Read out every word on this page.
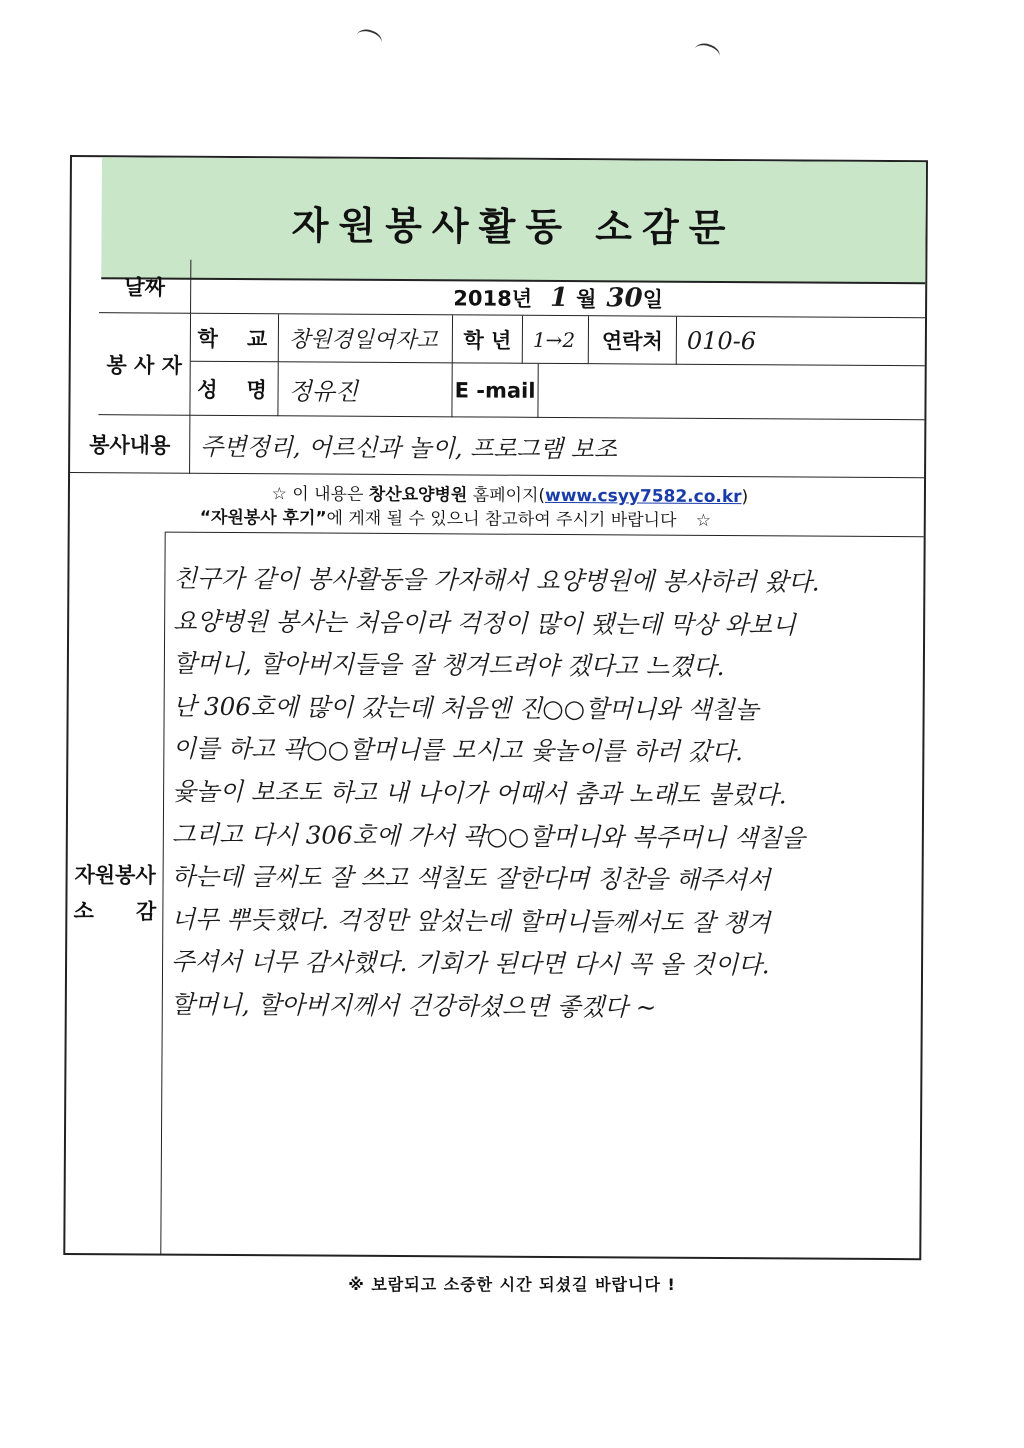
자원봉사활동 소감문
날짜	2018년 1 월 30 일
봉 사 자
학　교 창원경일여자고	학 년	1→2	연락처 010-6
성　명 정유진	E -mail
봉사내용	주변정리, 어르신과 놀이, 프로그램 보조
☆ 이 내용은 창산요양병원 홈페이지(www.csyy7582.co.kr)
“자원봉사 후기”에 게재 될 수 있으니 참고하여 주시기 바랍니다 ☆
자원봉사
소　　감
친구가 같이 봉사활동을 가자해서 요양병원에 봉사하러 왔다.
요양병원 봉사는 처음이라 걱정이 많이 됐는데 막상 와보니
할머니, 할아버지들을 잘 챙겨드려야 겠다고 느꼈다.
난 306호에 많이 갔는데 처음엔 진○○할머니와 색칠놀
이를 하고 곽○○할머니를 모시고 윷놀이를 하러 갔다.
윷놀이 보조도 하고 내 나이가 어때서 춤과 노래도 불렀다.
그리고 다시 306호에 가서 곽○○할머니와 복주머니 색칠을
하는데 글씨도 잘 쓰고 색칠도 잘한다며 칭찬을 해주셔서
너무 뿌듯했다. 걱정만 앞섰는데 할머니들께서도 잘 챙겨
주셔서 너무 감사했다. 기회가 된다면 다시 꼭 올 것이다.
할머니, 할아버지께서 건강하셨으면 좋겠다 ~
※ 보람되고 소중한 시간 되셨길 바랍니다 !
